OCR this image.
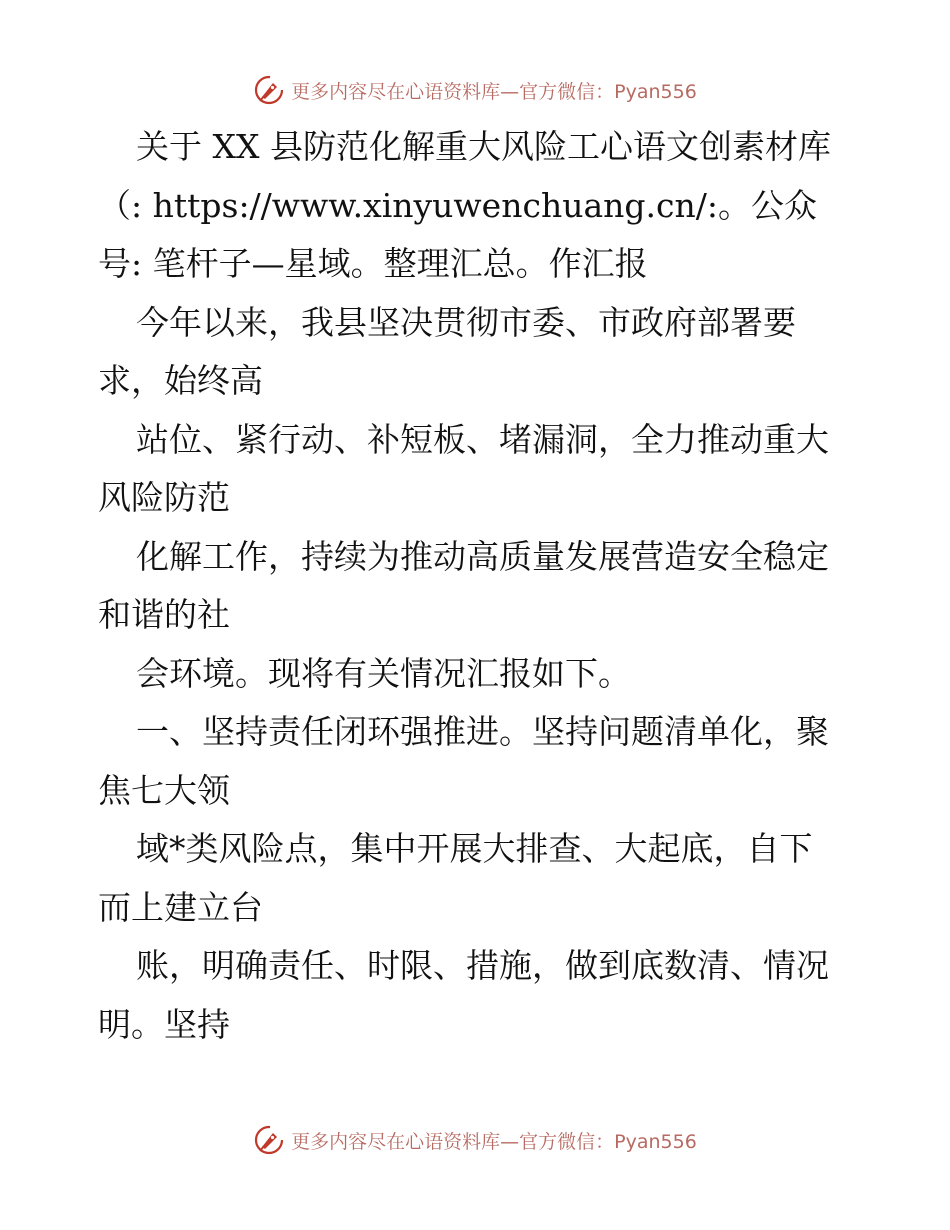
更多内容尽在心语资料库—官方微信：Pyan556
关于 XX 县防范化解重大风险工心语文创素材库
（: https://www.xinyuwenchuang.cn/:。公众
号: 笔杆子—星域。整理汇总。作汇报
今年以来，我县坚决贯彻市委、市政府部署要
求，始终高
站位、紧行动、补短板、堵漏洞，全力推动重大
风险防范
化解工作，持续为推动高质量发展营造安全稳定
和谐的社
会环境。现将有关情况汇报如下。
一、坚持责任闭环强推进。坚持问题清单化，聚
焦七大领
域*类风险点，集中开展大排查、大起底，自下
而上建立台
账，明确责任、时限、措施，做到底数清、情况
明。坚持
更多内容尽在心语资料库—官方微信：Pyan556
